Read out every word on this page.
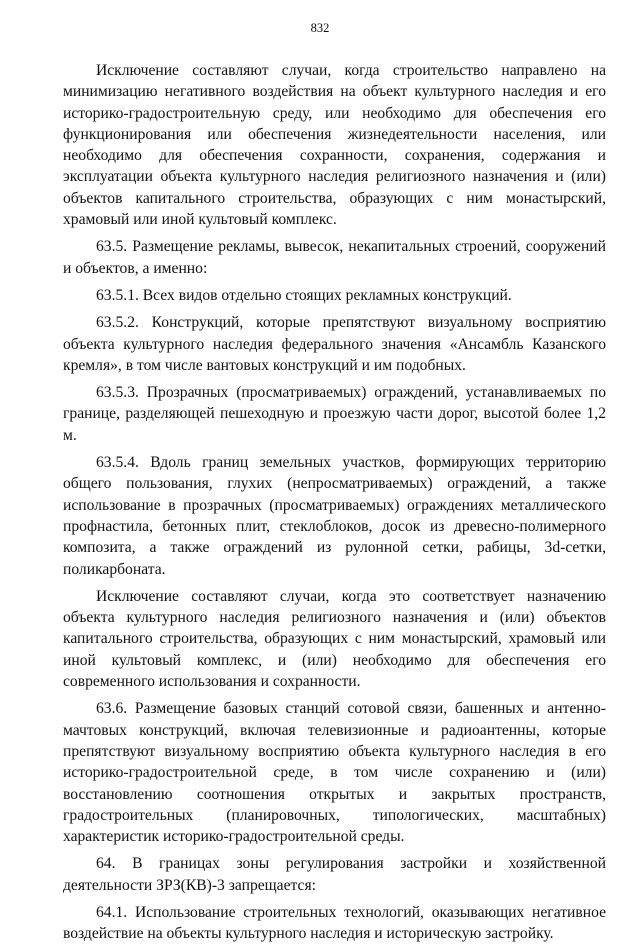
832

Исключение составляют случаи, когда строительство направлено на минимизацию негативного воздействия на объект культурного наследия и его историко-градостроительную среду, или необходимо для обеспечения его функционирования или обеспечения жизнедеятельности населения, или необходимо для обеспечения сохранности, сохранения, содержания и эксплуатации объекта культурного наследия религиозного назначения и (или) объектов капитального строительства, образующих с ним монастырский, храмовый или иной культовый комплекс.

63.5. Размещение рекламы, вывесок, некапитальных строений, сооружений и объектов, а именно:

63.5.1. Всех видов отдельно стоящих рекламных конструкций.

63.5.2. Конструкций, которые препятствуют визуальному восприятию объекта культурного наследия федерального значения «Ансамбль Казанского кремля», в том числе вантовых конструкций и им подобных.

63.5.3. Прозрачных (просматриваемых) ограждений, устанавливаемых по границе, разделяющей пешеходную и проезжую части дорог, высотой более 1,2 м.

63.5.4. Вдоль границ земельных участков, формирующих территорию общего пользования, глухих (непросматриваемых) ограждений, а также использование в прозрачных (просматриваемых) ограждениях металлического профнастила, бетонных плит, стеклоблоков, досок из древесно-полимерного композита, а также ограждений из рулонной сетки, рабицы, 3d-сетки, поликарбоната.

Исключение составляют случаи, когда это соответствует назначению объекта культурного наследия религиозного назначения и (или) объектов капитального строительства, образующих с ним монастырский, храмовый или иной культовый комплекс, и (или) необходимо для обеспечения его современного использования и сохранности.

63.6. Размещение базовых станций сотовой связи, башенных и антенно-мачтовых конструкций, включая телевизионные и радиоантенны, которые препятствуют визуальному восприятию объекта культурного наследия в его историко-градостроительной среде, в том числе сохранению и (или) восстановлению соотношения открытых и закрытых пространств, градостроительных (планировочных, типологических, масштабных) характеристик историко-градостроительной среды.

64. В границах зоны регулирования застройки и хозяйственной деятельности ЗРЗ(КВ)-3 запрещается:

64.1. Использование строительных технологий, оказывающих негативное воздействие на объекты культурного наследия и историческую застройку.
